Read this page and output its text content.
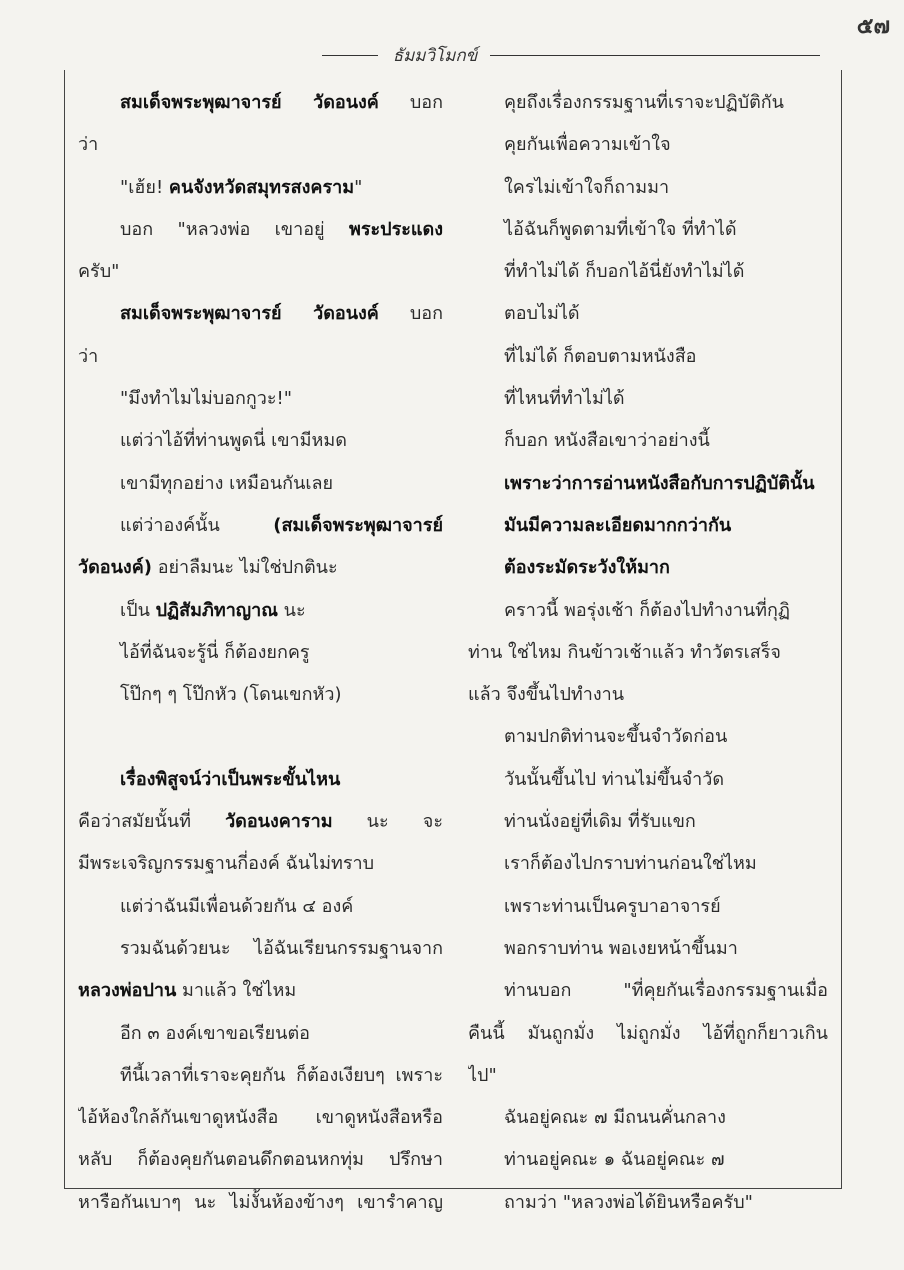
๕๗
ธัมมวิโมกข์
สมเด็จพระพุฒาจารย์ วัดอนงค์ บอก
ว่า
"เฮ้ย! คนจังหวัดสมุทรสงคราม"
บอก "หลวงพ่อ เขาอยู่ พระประแดง
ครับ"
สมเด็จพระพุฒาจารย์ วัดอนงค์ บอก
ว่า
"มึงทำไมไม่บอกกูวะ!"
แต่ว่าไอ้ที่ท่านพูดนี่ เขามีหมด
เขามีทุกอย่าง เหมือนกันเลย
แต่ว่าองค์นั้น (สมเด็จพระพุฒาจารย์
วัดอนงค์) อย่าลืมนะ ไม่ใช่ปกตินะ
เป็น ปฏิสัมภิทาญาณ นะ
ไอ้ที่ฉันจะรู้นี่ ก็ต้องยกครู
โป๊กๆ ๆ โป๊กหัว (โดนเขกหัว)
เรื่องพิสูจน์ว่าเป็นพระขั้นไหน
คือว่าสมัยนั้นที่ วัดอนงคาราม นะ จะ
มีพระเจริญกรรมฐานกี่องค์ ฉันไม่ทราบ
แต่ว่าฉันมีเพื่อนด้วยกัน ๔ องค์
รวมฉันด้วยนะ ไอ้ฉันเรียนกรรมฐานจาก
หลวงพ่อปาน มาแล้ว ใช่ไหม
อีก ๓ องค์เขาขอเรียนต่อ
ทีนี้เวลาที่เราจะคุยกัน ก็ต้องเงียบๆ เพราะ
ไอ้ห้องใกล้กันเขาดูหนังสือ เขาดูหนังสือหรือ
หลับ ก็ต้องคุยกันตอนดึกตอนหกทุ่ม ปรึกษา
หารือกันเบาๆ นะ ไม่งั้นห้องข้างๆ เขารำคาญ
คุยถึงเรื่องกรรมฐานที่เราจะปฏิบัติกัน
คุยกันเพื่อความเข้าใจ
ใครไม่เข้าใจก็ถามมา
ไอ้ฉันก็พูดตามที่เข้าใจ ที่ทำได้
ที่ทำไม่ได้ ก็บอกไอ้นี่ยังทำไม่ได้
ตอบไม่ได้
ที่ไม่ได้ ก็ตอบตามหนังสือ
ที่ไหนที่ทำไม่ได้
ก็บอก หนังสือเขาว่าอย่างนี้
เพราะว่าการอ่านหนังสือกับการปฏิบัตินั้น
มันมีความละเอียดมากกว่ากัน
ต้องระมัดระวังให้มาก
คราวนี้ พอรุ่งเช้า ก็ต้องไปทำงานที่กุฏิ
ท่าน ใช่ไหม กินข้าวเช้าแล้ว ทำวัตรเสร็จ
แล้ว จึงขึ้นไปทำงาน
ตามปกติท่านจะขึ้นจำวัดก่อน
วันนั้นขึ้นไป ท่านไม่ขึ้นจำวัด
ท่านนั่งอยู่ที่เดิม ที่รับแขก
เราก็ต้องไปกราบท่านก่อนใช่ไหม
เพราะท่านเป็นครูบาอาจารย์
พอกราบท่าน พอเงยหน้าขึ้นมา
ท่านบอก "ที่คุยกันเรื่องกรรมฐานเมื่อ
คืนนี้ มันถูกมั่ง ไม่ถูกมั่ง ไอ้ที่ถูกก็ยาวเกิน
ไป"
ฉันอยู่คณะ ๗ มีถนนคั่นกลาง
ท่านอยู่คณะ ๑ ฉันอยู่คณะ ๗
ถามว่า "หลวงพ่อได้ยินหรือครับ"
